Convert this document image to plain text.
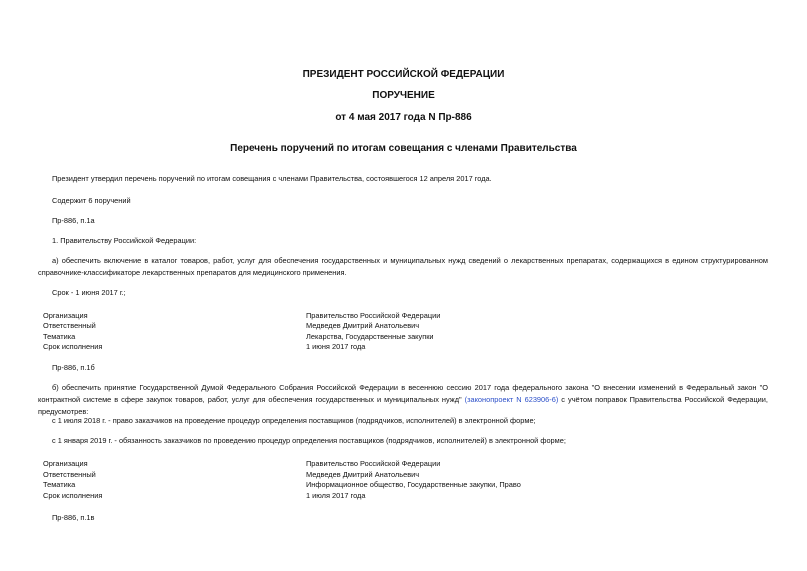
ПРЕЗИДЕНТ РОССИЙСКОЙ ФЕДЕРАЦИИ
ПОРУЧЕНИЕ
от 4 мая 2017 года N Пр-886
Перечень поручений по итогам совещания с членами Правительства
Президент утвердил перечень поручений по итогам совещания с членами Правительства, состоявшегося 12 апреля 2017 года.
Содержит 6 поручений
Пр-886, п.1а
1. Правительству Российской Федерации:
а) обеспечить включение в каталог товаров, работ, услуг для обеспечения государственных и муниципальных нужд сведений о лекарственных препаратах, содержащихся в едином структурированном справочнике-классификаторе лекарственных препаратов для медицинского применения.
Срок - 1 июня 2017 г.;
Организация	Правительство Российской Федерации
Ответственный	Медведев Дмитрий Анатольевич
Тематика	Лекарства, Государственные закупки
Срок исполнения	1 июня 2017 года
Пр-886, п.1б
б) обеспечить принятие Государственной Думой Федерального Собрания Российской Федерации в весеннюю сессию 2017 года федерального закона "О внесении изменений в Федеральный закон "О контрактной системе в сфере закупок товаров, работ, услуг для обеспечения государственных и муниципальных нужд" (законопроект N 623906-6) с учётом поправок Правительства Российской Федерации, предусмотрев:
с 1 июля 2018 г. - право заказчиков на проведение процедур определения поставщиков (подрядчиков, исполнителей) в электронной форме;
с 1 января 2019 г. - обязанность заказчиков по проведению процедур определения поставщиков (подрядчиков, исполнителей) в электронной форме;
Организация	Правительство Российской Федерации
Ответственный	Медведев Дмитрий Анатольевич
Тематика	Информационное общество, Государственные закупки, Право
Срок исполнения	1 июля 2017 года
Пр-886, п.1в
